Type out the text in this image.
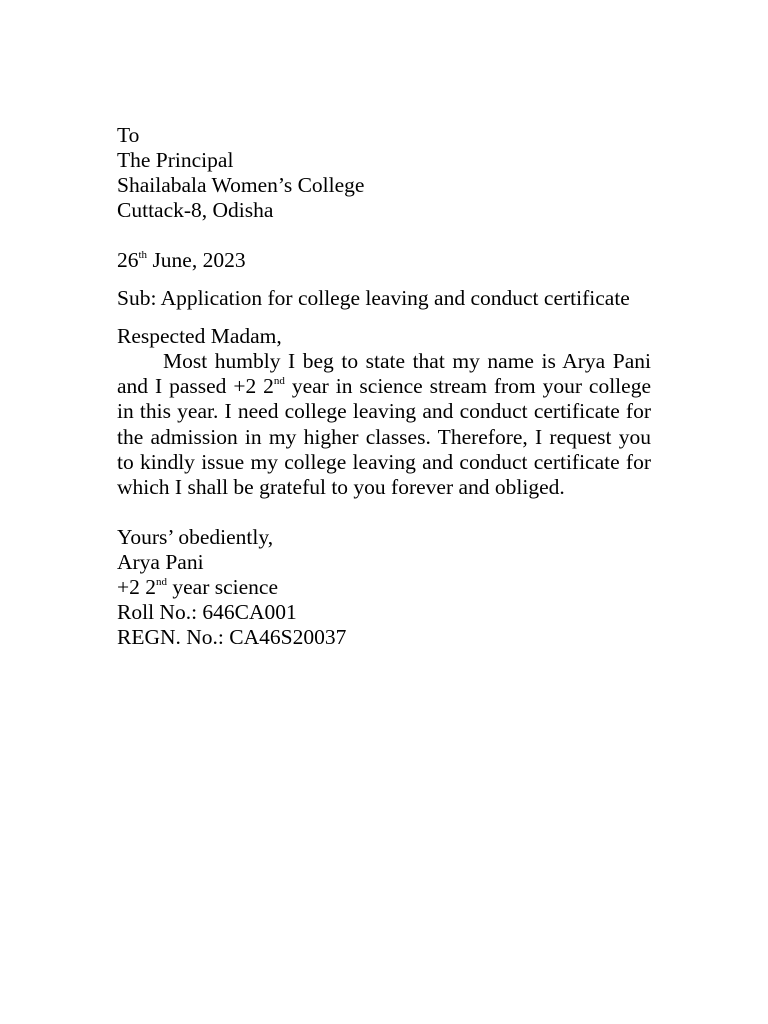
To
The Principal
Shailabala Women’s College
Cuttack-8, Odisha
26th June, 2023
Sub: Application for college leaving and conduct certificate
Respected Madam,
Most humbly I beg to state that my name is Arya Pani and I passed +2 2nd year in science stream from your college in this year. I need college leaving and conduct certificate for the admission in my higher classes. Therefore, I request you to kindly issue my college leaving and conduct certificate for which I shall be grateful to you forever and obliged.
Yours’ obediently,
Arya Pani
+2 2nd year science
Roll No.: 646CA001
REGN. No.: CA46S20037
